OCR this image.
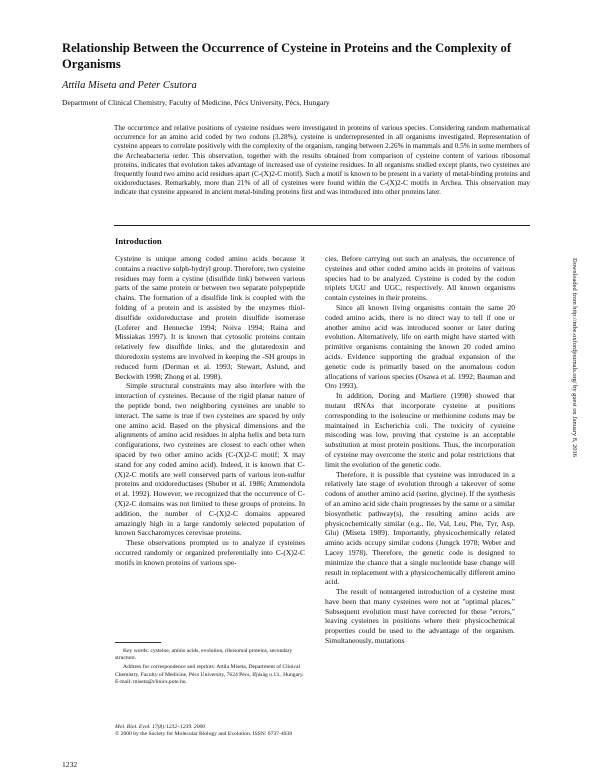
Relationship Between the Occurrence of Cysteine in Proteins and the Complexity of Organisms
Attila Miseta and Peter Csutora
Department of Clinical Chemistry, Faculty of Medicine, Pécs University, Pécs, Hungary
The occurrence and relative positions of cysteine residues were investigated in proteins of various species. Considering random mathematical occurrence for an amino acid coded by two codons (3.28%), cysteine is underrepresented in all organisms investigated. Representation of cysteine appears to correlate positively with the complexity of the organism, ranging between 2.26% in mammals and 0.5% in some members of the Archeabacteria order. This observation, together with the results obtained from comparison of cysteine content of various ribosomal proteins, indicates that evolution takes advantage of increased use of cysteine residues. In all organisms studied except plants, two cysteines are frequently found two amino acid residues apart (C-(X)2-C motif). Such a motif is known to be present in a variety of metal-binding proteins and oxidoreductases. Remarkably, more than 21% of all of cysteines were found within the C-(X)2-C motifs in Archea. This observation may indicate that cysteine appeared in ancient metal-binding proteins first and was introduced into other proteins later.
Introduction

Cysteine is unique among coded amino acids because it contains a reactive sulph-hydryl group. Therefore, two cysteine residues may form a cystine (disulfide link) between various parts of the same protein or between two separate polypeptide chains. The formation of a disulfide link is coupled with the folding of a protein and is assisted by the enzymes thiol-disulfide oxidoreductase and protein disulfide isomerase (Loferer and Hennecke 1994; Noiva 1994; Raina and Missiakas 1997). It is known that cytosolic proteins contain relatively few disulfide links, and the glutaredoxin and thioredoxin systems are involved in keeping the -SH groups in reduced form (Derman et al. 1993; Stewart, Aslund, and Beckwith 1998; Zhong et al. 1998).

Simple structural constraints may also interfere with the interaction of cysteines. Because of the rigid planar nature of the peptide bond, two neighboring cysteines are unable to interact. The same is true if two cysteines are spaced by only one amino acid. Based on the physical dimensions and the alignments of amino acid residues in alpha helix and beta turn configurations, two cysteines are closest to each other when spaced by two other amino acids (C-(X)2-C motif; X may stand for any coded amino acid). Indeed, it is known that C-(X)2-C motifs are well conserved parts of various iron-sulfur proteins and oxidoreductases (Shuber et al. 1986; Ammendola et al. 1992). However, we recognized that the occurrence of C-(X)2-C domains was not limited to these groups of proteins. In addition, the number of C-(X)2-C domains appeared amazingly high in a large randomly selected population of known Saccharomyces cerevisae proteins.

These observations prompted us to analyze if cysteines occurred randomly or organized preferentially into C-(X)2-C motifs in known proteins of various spe-

cies. Before carrying out such an analysis, the occurrence of cysteines and other coded amino acids in proteins of various species had to be analyzed. Cysteine is coded by the codon triplets UGU and UGC, respectively. All known organisms contain cysteines in their proteins.

Since all known living organisms contain the same 20 coded amino acids, there is no direct way to tell if one or another amino acid was introduced sooner or later during evolution. Alternatively, life on earth might have started with primitive organisms containing the known 20 coded amino acids. Evidence supporting the gradual expansion of the genetic code is primarily based on the anomalous codon allocations of various species (Osawa et al. 1992; Bauman and Oro 1993).

In addition, Doring and Marliere (1998) showed that mutant tRNAs that incorporate cysteine at positions corresponding to the isoleucine or methionine codons may be maintained in Escherichia coli. The toxicity of cysteine miscoding was low, proving that cysteine is an acceptable substitution at most protein positions. Thus, the incorporation of cysteine may overcome the steric and polar restrictions that limit the evolution of the genetic code.

Therefore, it is possible that cysteine was introduced in a relatively late stage of evolution through a takeover of some codons of another amino acid (serine, glycine). If the synthesis of an amino acid side chain progresses by the same or a similar biosynthetic pathway(s), the resulting amino acids are physicochemically similar (e.g., Ile, Val, Leu, Phe, Tyr, Asp, Glu) (Miseta 1989). Importantly, physicochemically related amino acids occupy similar codons (Jungck 1978; Weber and Lacey 1978). Therefore, the genetic code is designed to minimize the chance that a single nucleotide base change will result in replacement with a physicochemically different amino acid.

The result of nontargeted introduction of a cysteine must have been that many cysteines were not at "optimal places." Subsequent evolution must have corrected for these "errors," leaving cysteines in positions where their physicochemical properties could be used to the advantage of the organism. Simultaneously, mutations

Key words: cysteine, amino acids, evolution, ribosomal proteins, secondary structure.

Address for correspondence and reprints: Attila Miseta, Department of Clinical Chemistry, Faculty of Medicine, Pécs University, 7624 Pécs, Ifjúság u.13., Hungary. E-mail: miseta@clinics.pote.hu.

Mol. Biol. Evol. 17(8):1232–1239. 2000
© 2000 by the Society for Molecular Biology and Evolution. ISSN: 0737-4038
1232
Downloaded from http://mbe.oxfordjournals.org/ by guest on January 8, 2016
